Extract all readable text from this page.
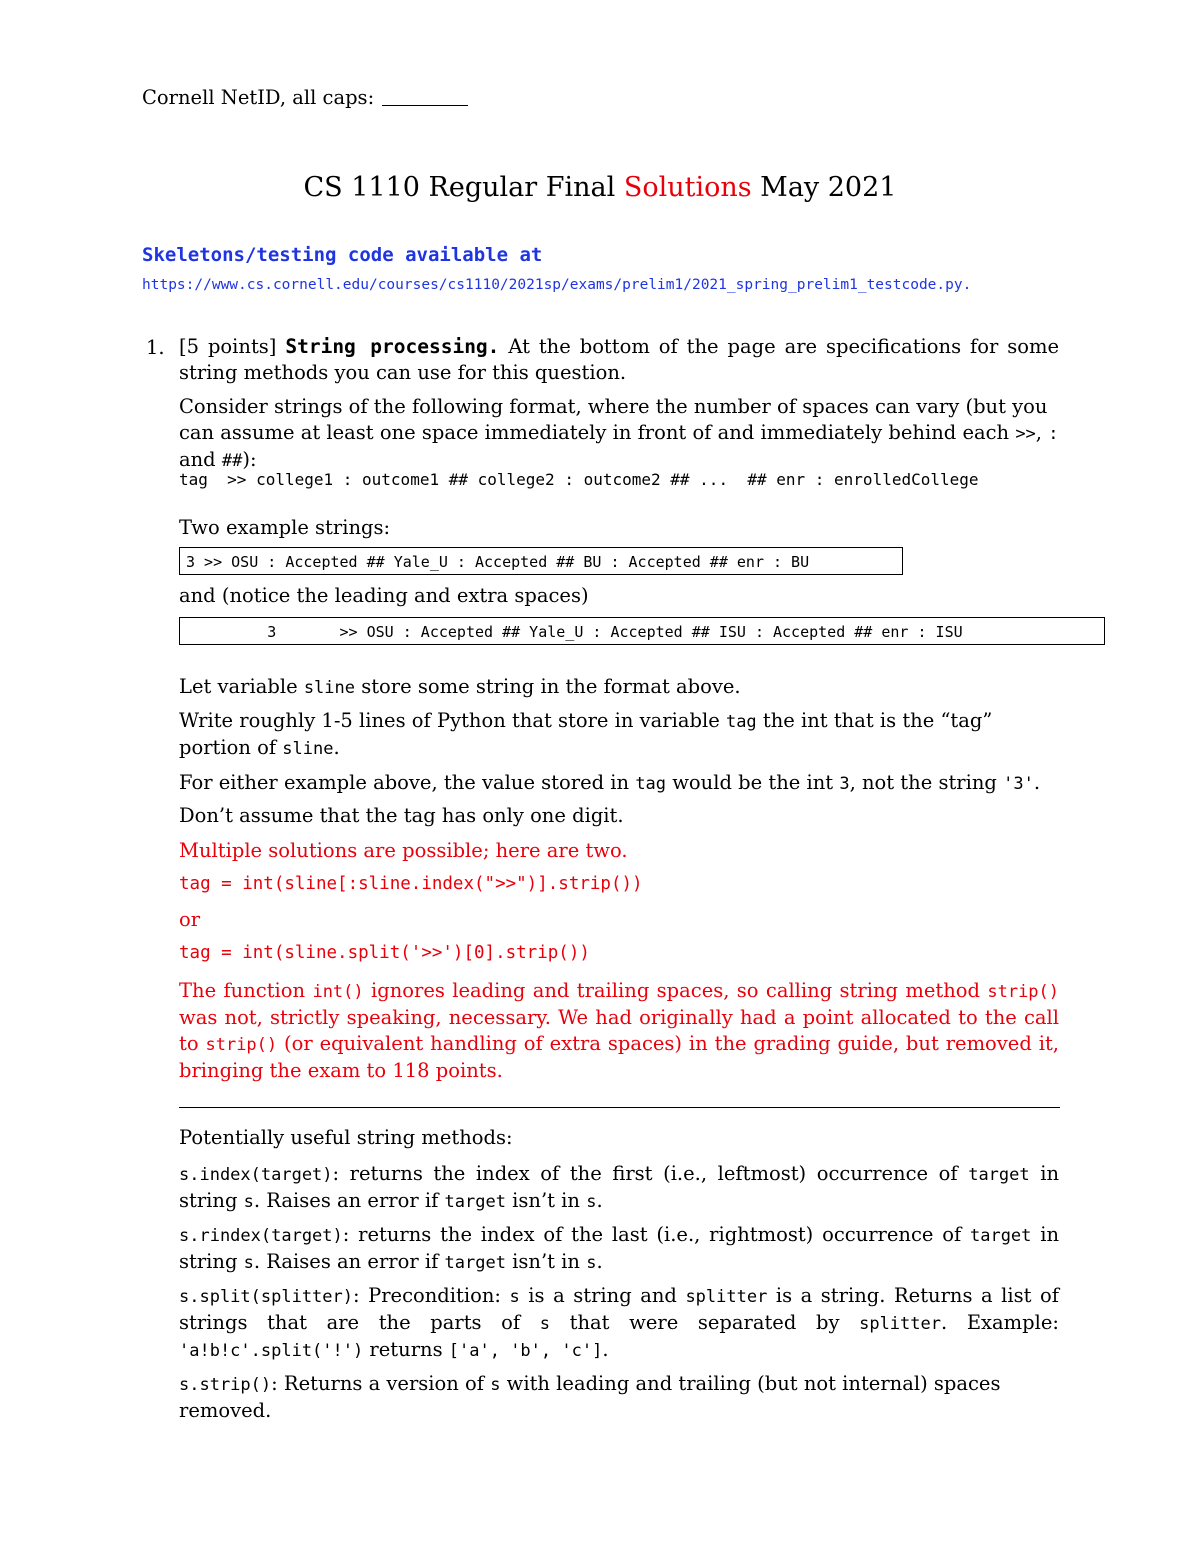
Cornell NetID, all caps:
CS 1110 Regular Final Solutions May 2021
Skeletons/testing code available at
https://www.cs.cornell.edu/courses/cs1110/2021sp/exams/prelim1/2021_spring_prelim1_testcode.py.
1. [5 points] String processing. At the bottom of the page are specifications for some string methods you can use for this question.

Consider strings of the following format, where the number of spaces can vary (but you can assume at least one space immediately in front of and immediately behind each >>, : and ##):

tag  >> college1 : outcome1 ## college2 : outcome2 ## ...  ## enr : enrolledCollege
Two example strings:
3 >> OSU : Accepted ## Yale_U : Accepted ## BU : Accepted ## enr : BU
and (notice the leading and extra spaces)
3       >> OSU : Accepted ## Yale_U : Accepted ## ISU : Accepted ## enr : ISU

Let variable sline store some string in the format above.

Write roughly 1-5 lines of Python that store in variable tag the int that is the “tag” portion of sline.

For either example above, the value stored in tag would be the int 3, not the string '3'.

Don’t assume that the tag has only one digit.
Multiple solutions are possible; here are two.
tag = int(sline[:sline.index(">>")].strip())
or
tag = int(sline.split('>>')[0].strip())

The function int() ignores leading and trailing spaces, so calling string method strip() was not, strictly speaking, necessary. We had originally had a point allocated to the call to strip() (or equivalent handling of extra spaces) in the grading guide, but removed it, bringing the exam to 118 points.

Potentially useful string methods:

s.index(target): returns the index of the first (i.e., leftmost) occurrence of target in string s. Raises an error if target isn’t in s.

s.rindex(target): returns the index of the last (i.e., rightmost) occurrence of target in string s. Raises an error if target isn’t in s.

s.split(splitter): Precondition: s is a string and splitter is a string. Returns a list of strings that are the parts of s that were separated by splitter. Example: 'a!b!c'.split('!') returns ['a', 'b', 'c'].

s.strip(): Returns a version of s with leading and trailing (but not internal) spaces removed.
